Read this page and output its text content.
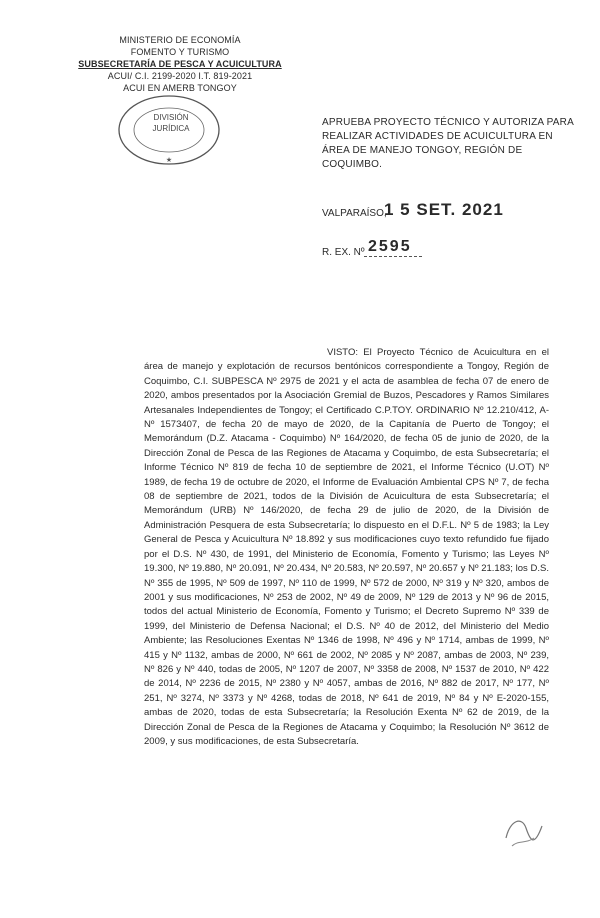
MINISTERIO DE ECONOMÍA
FOMENTO Y TURISMO
SUBSECRETARÍA DE PESCA Y ACUICULTURA
ACUI/ C.I. 2199-2020 I.T. 819-2021
ACUI EN AMERB TONGOY
★
DIVISIÓN
JURÍDICA
APRUEBA PROYECTO TÉCNICO Y AUTORIZA PARA REALIZAR ACTIVIDADES DE ACUICULTURA EN ÁREA DE MANEJO TONGOY, REGIÓN DE COQUIMBO.
VALPARAÍSO,
1 5 SET. 2021
R. EX. Nº 2595
VISTO: El Proyecto Técnico de Acuicultura en el área de manejo y explotación de recursos bentónicos correspondiente a Tongoy, Región de Coquimbo, C.I. SUBPESCA Nº 2975 de 2021 y el acta de asamblea de fecha 07 de enero de 2020, ambos presentados por la Asociación Gremial de Buzos, Pescadores y Ramos Similares Artesanales Independientes de Tongoy; el Certificado C.P.TOY. ORDINARIO Nº 12.210/412, A-Nº 1573407, de fecha 20 de mayo de 2020, de la Capitanía de Puerto de Tongoy; el Memorándum (D.Z. Atacama - Coquimbo) Nº 164/2020, de fecha 05 de junio de 2020, de la Dirección Zonal de Pesca de las Regiones de Atacama y Coquimbo, de esta Subsecretaría; el Informe Técnico Nº 819 de fecha 10 de septiembre de 2021, el Informe Técnico (U.OT) Nº 1989, de fecha 19 de octubre de 2020, el Informe de Evaluación Ambiental CPS Nº 7, de fecha 08 de septiembre de 2021, todos de la División de Acuicultura de esta Subsecretaría; el Memorándum (URB) Nº 146/2020, de fecha 29 de julio de 2020, de la División de Administración Pesquera de esta Subsecretaría; lo dispuesto en el D.F.L. Nº 5 de 1983; la Ley General de Pesca y Acuicultura Nº 18.892 y sus modificaciones cuyo texto refundido fue fijado por el D.S. Nº 430, de 1991, del Ministerio de Economía, Fomento y Turismo; las Leyes Nº 19.300, Nº 19.880, Nº 20.091, Nº 20.434, Nº 20.583, Nº 20.597, Nº 20.657 y Nº 21.183; los D.S. Nº 355 de 1995, Nº 509 de 1997, Nº 110 de 1999, Nº 572 de 2000, Nº 319 y Nº 320, ambos de 2001 y sus modificaciones, Nº 253 de 2002, Nº 49 de 2009, Nº 129 de 2013 y Nº 96 de 2015, todos del actual Ministerio de Economía, Fomento y Turismo; el Decreto Supremo Nº 339 de 1999, del Ministerio de Defensa Nacional; el D.S. Nº 40 de 2012, del Ministerio del Medio Ambiente; las Resoluciones Exentas Nº 1346 de 1998, Nº 496 y Nº 1714, ambas de 1999, Nº 415 y Nº 1132, ambas de 2000, Nº 661 de 2002, Nº 2085 y Nº 2087, ambas de 2003, Nº 239, Nº 826 y Nº 440, todas de 2005, Nº 1207 de 2007, Nº 3358 de 2008, Nº 1537 de 2010, Nº 422 de 2014, Nº 2236 de 2015, Nº 2380 y Nº 4057, ambas de 2016, Nº 882 de 2017, Nº 177, Nº 251, Nº 3274, Nº 3373 y Nº 4268, todas de 2018, Nº 641 de 2019, Nº 84 y Nº E-2020-155, ambas de 2020, todas de esta Subsecretaría; la Resolución Exenta Nº 62 de 2019, de la Dirección Zonal de Pesca de la Regiones de Atacama y Coquimbo; la Resolución Nº 3612 de 2009, y sus modificaciones, de esta Subsecretaría.
